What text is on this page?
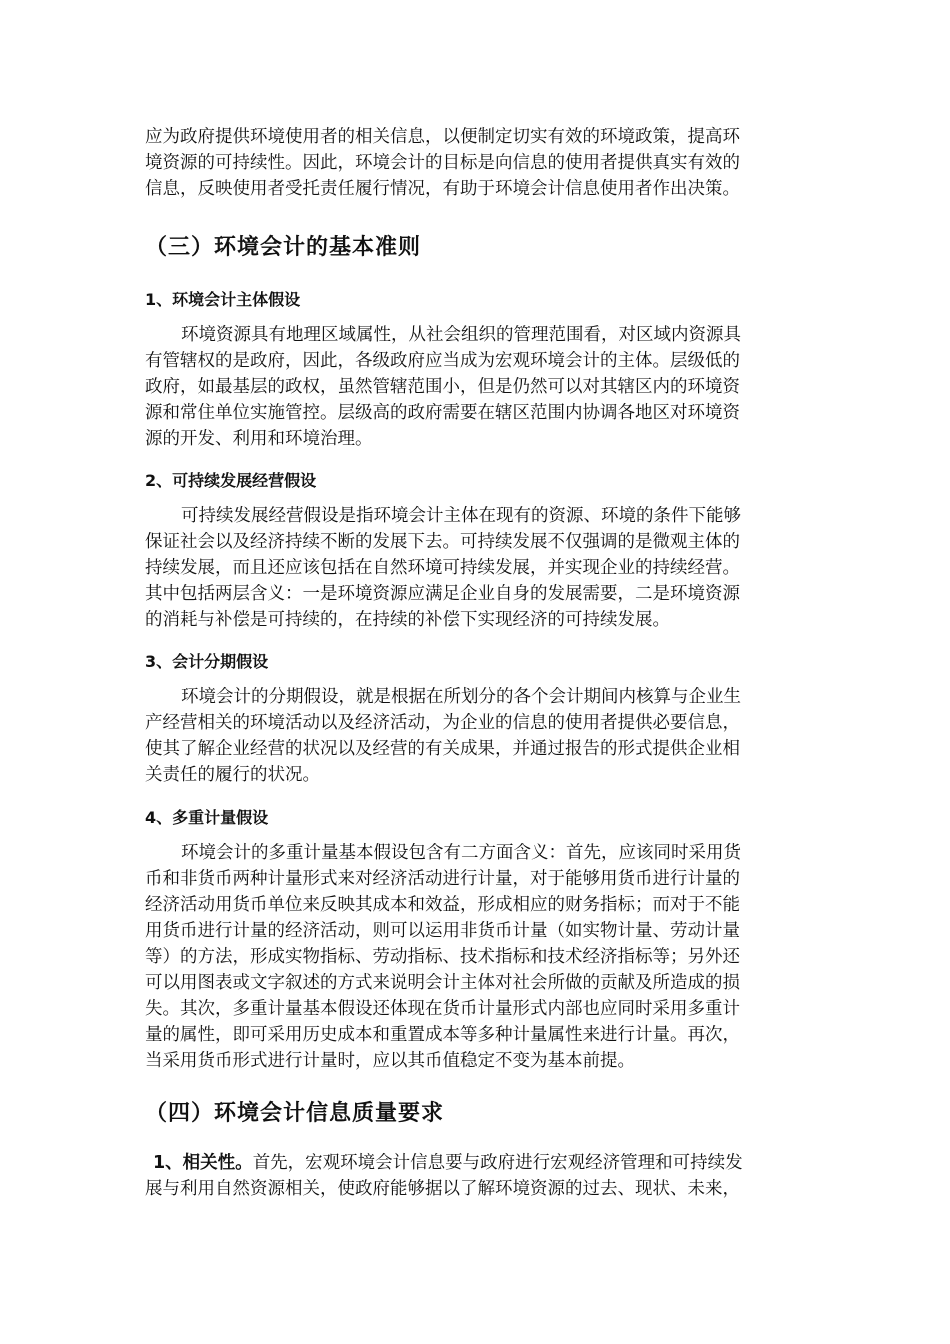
应为政府提供环境使用者的相关信息，以便制定切实有效的环境政策，提高环
境资源的可持续性。因此，环境会计的目标是向信息的使用者提供真实有效的
信息，反映使用者受托责任履行情况，有助于环境会计信息使用者作出决策。
（三）环境会计的基本准则
1、环境会计主体假设
环境资源具有地理区域属性，从社会组织的管理范围看，对区域内资源具
有管辖权的是政府，因此，各级政府应当成为宏观环境会计的主体。层级低的
政府，如最基层的政权，虽然管辖范围小，但是仍然可以对其辖区内的环境资
源和常住单位实施管控。层级高的政府需要在辖区范围内协调各地区对环境资
源的开发、利用和环境治理。
2、可持续发展经营假设
可持续发展经营假设是指环境会计主体在现有的资源、环境的条件下能够
保证社会以及经济持续不断的发展下去。可持续发展不仅强调的是微观主体的
持续发展，而且还应该包括在自然环境可持续发展，并实现企业的持续经营。
其中包括两层含义：一是环境资源应满足企业自身的发展需要，二是环境资源
的消耗与补偿是可持续的，在持续的补偿下实现经济的可持续发展。
3、会计分期假设
环境会计的分期假设，就是根据在所划分的各个会计期间内核算与企业生
产经营相关的环境活动以及经济活动，为企业的信息的使用者提供必要信息，
使其了解企业经营的状况以及经营的有关成果，并通过报告的形式提供企业相
关责任的履行的状况。
4、多重计量假设
环境会计的多重计量基本假设包含有二方面含义：首先，应该同时采用货
币和非货币两种计量形式来对经济活动进行计量，对于能够用货币进行计量的
经济活动用货币单位来反映其成本和效益，形成相应的财务指标；而对于不能
用货币进行计量的经济活动，则可以运用非货币计量（如实物计量、劳动计量
等）的方法，形成实物指标、劳动指标、技术指标和技术经济指标等；另外还
可以用图表或文字叙述的方式来说明会计主体对社会所做的贡献及所造成的损
失。其次，多重计量基本假设还体现在货币计量形式内部也应同时采用多重计
量的属性，即可采用历史成本和重置成本等多种计量属性来进行计量。再次，
当采用货币形式进行计量时，应以其币值稳定不变为基本前提。
（四）环境会计信息质量要求
1、相关性。首先，宏观环境会计信息要与政府进行宏观经济管理和可持续发
展与利用自然资源相关，使政府能够据以了解环境资源的过去、现状、未来，
